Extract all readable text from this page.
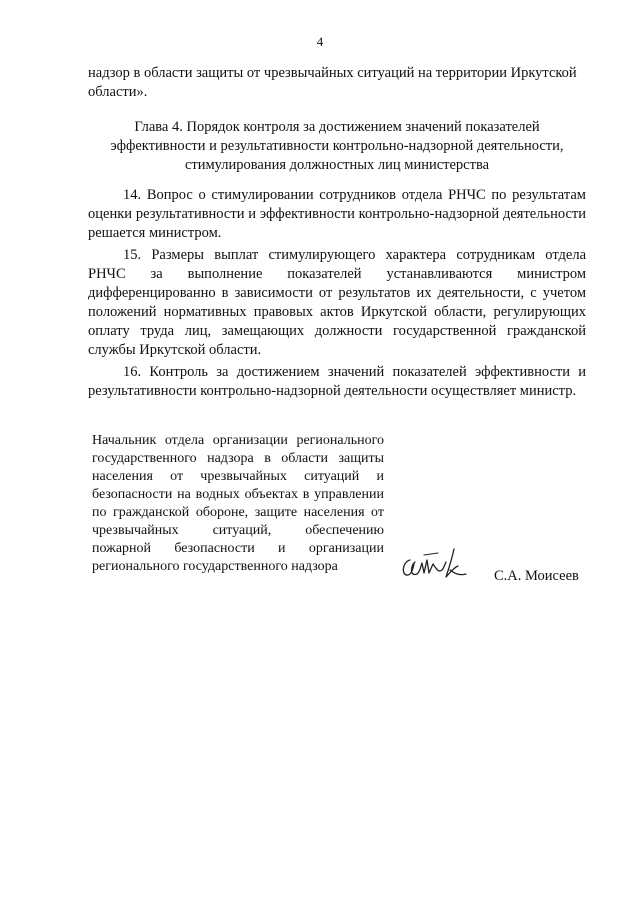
4
надзор в области защиты от чрезвычайных ситуаций на территории Иркутской области».
Глава 4. Порядок контроля за достижением значений показателей эффективности и результативности контрольно-надзорной деятельности, стимулирования должностных лиц министерства

14. Вопрос о стимулировании сотрудников отдела РНЧС по результатам оценки результативности и эффективности контрольно-надзорной деятельности решается министром.

15. Размеры выплат стимулирующего характера сотрудникам отдела РНЧС за выполнение показателей устанавливаются министром дифференцированно в зависимости от результатов их деятельности, с учетом положений нормативных правовых актов Иркутской области, регулирующих оплату труда лиц, замещающих должности государственной гражданской службы Иркутской области.

16. Контроль за достижением значений показателей эффективности и результативности контрольно-надзорной деятельности осуществляет министр.

Начальник отдела организации регионального государственного надзора в области защиты населения от чрезвычайных ситуаций и безопасности на водных объектах в управлении по гражданской обороне, защите населения от чрезвычайных ситуаций, обеспечению пожарной безопасности и организации регионального государственного надзора
С.А. Моисеев
